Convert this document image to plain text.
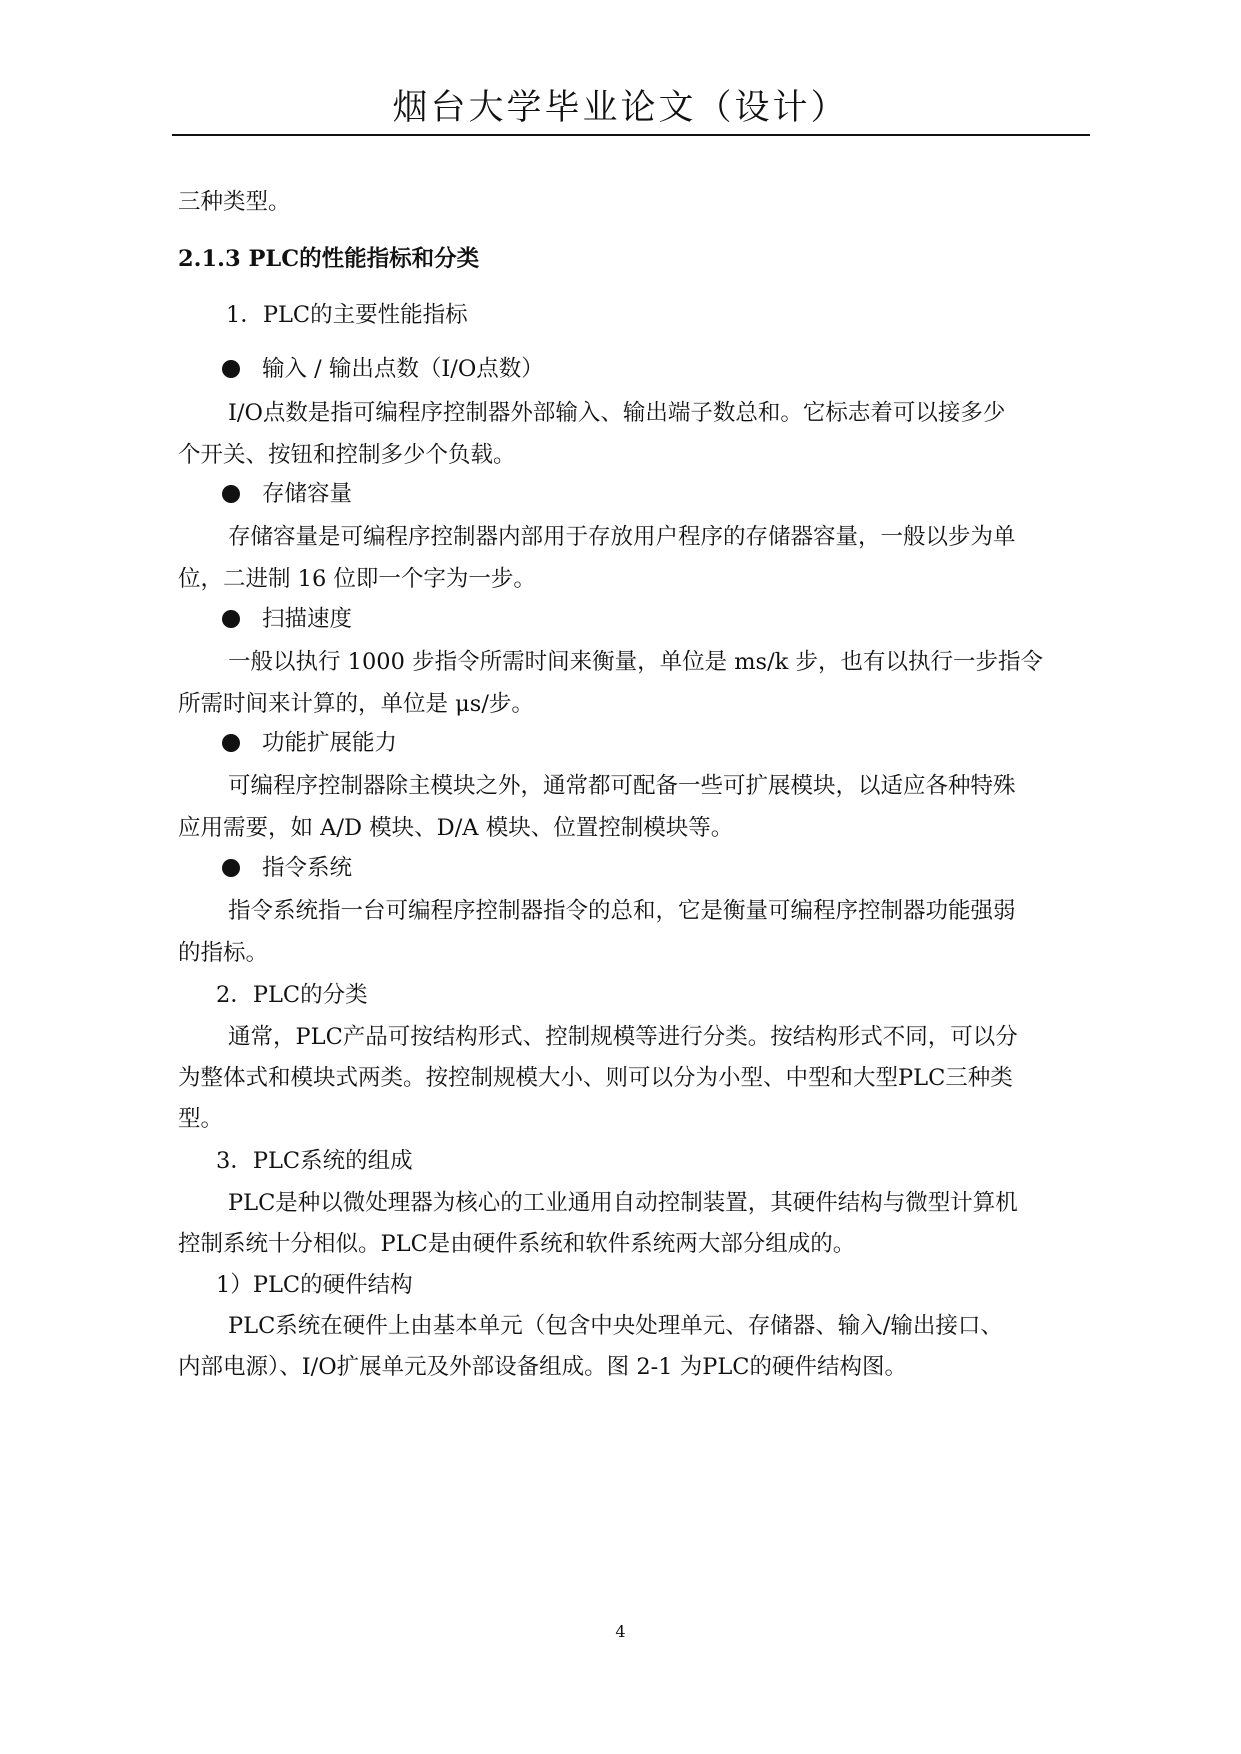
烟台大学毕业论文（设计）
三种类型。
2.1.3 PLC的性能指标和分类
1．PLC的主要性能指标
输入 / 输出点数（I/O点数）
I/O点数是指可编程序控制器外部输入、输出端子数总和。它标志着可以接多少
个开关、按钮和控制多少个负载。
存储容量
存储容量是可编程序控制器内部用于存放用户程序的存储器容量，一般以步为单
位，二进制 16 位即一个字为一步。
扫描速度
一般以执行 1000 步指令所需时间来衡量，单位是 ms/k 步，也有以执行一步指令
所需时间来计算的，单位是 μs/步。
功能扩展能力
可编程序控制器除主模块之外，通常都可配备一些可扩展模块，以适应各种特殊
应用需要，如 A/D 模块、D/A 模块、位置控制模块等。
指令系统
指令系统指一台可编程序控制器指令的总和，它是衡量可编程序控制器功能强弱
的指标。
2．PLC的分类
通常，PLC产品可按结构形式、控制规模等进行分类。按结构形式不同，可以分
为整体式和模块式两类。按控制规模大小、则可以分为小型、中型和大型PLC三种类
型。
3．PLC系统的组成
PLC是种以微处理器为核心的工业通用自动控制装置，其硬件结构与微型计算机
控制系统十分相似。PLC是由硬件系统和软件系统两大部分组成的。
1）PLC的硬件结构
PLC系统在硬件上由基本单元（包含中央处理单元、存储器、输入/输出接口、
内部电源）、I/O扩展单元及外部设备组成。图 2-1 为PLC的硬件结构图。
4
